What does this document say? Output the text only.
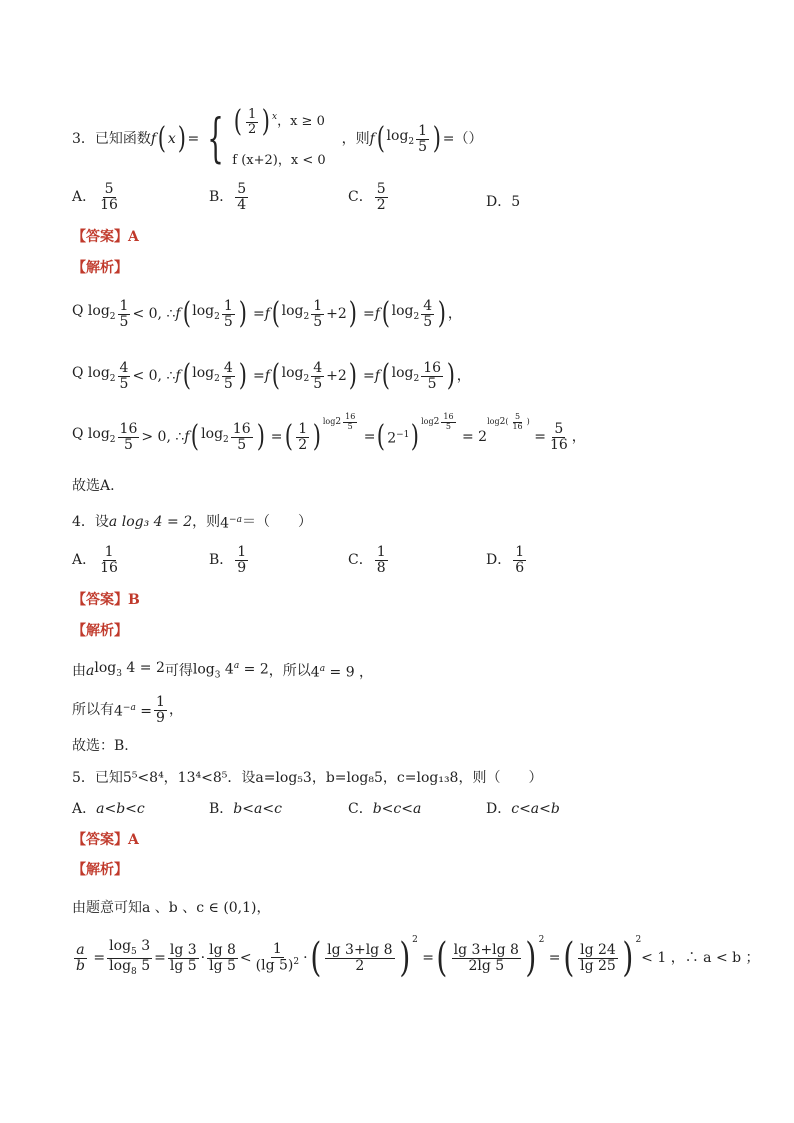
3．已知函数 f ( x ) = { ( $\frac{1}{2} )^x$ ，x ≥ 0
f (x+2)，x < 0
，则 f ( $\log_2 \frac{1}{5}$ ) = （）
A． $\frac{5}{16}$	B． $\frac{5}{4}$	C． $\frac{5}{2}$	D． 5
【答案】A
【解析】
Q $\log_2 \frac{1}{5} < 0$, ∴ f ( $\log_2 \frac{1}{5}$ ) = f ( $\log_2 \frac{1}{5} +2$ ) = f ( $\log_2 \frac{4}{5}$ ) ，
Q $\log_2 \frac{4}{5} < 0$, ∴ f ( $\log_2 \frac{4}{5}$ ) = f ( $\log_2 \frac{4}{5} +2$ ) = f ( $\log_2 \frac{16}{5}$ ) ，
Q $\log_2 \frac{16}{5} > 0$, ∴ f ( $\log_2 \frac{16}{5}$ ) = ( $\frac{1}{2}$ ) $\log 2 \frac{16}{5}$
= ( $2^{-1}$ ) $\log 2 \frac{16}{5}$
= 2
log 2 ( $\frac{5}{16}$ )
= $\frac{5}{16}$ ，
故选A.
4．设 a log₃ 4 = 2 ，则 $4^{-a}$ ＝（　　）
A． $\frac{1}{16}$	B． $\frac{1}{9}$	C． $\frac{1}{8}$	D． $\frac{1}{6}$
【答案】B
【解析】
由 a $\log_3 4 = 2$ 可得 $\log_3 4^a = 2$ ，所以 $4^a = 9$ ，
所以有 $4^{-a} = \frac{1}{9}$ ，
故选：B.
5．已知5⁵<8⁴，13⁴<8⁵．设a=log₅3，b=log₈5，c=log₁₃8，则（　　）
A． a<b<c	B． b<a<c	C． b<c<a	D． c<a<b
【答案】A
【解析】
由题意可知a 、b 、c ∈ (0,1)，
$\frac{a}{b} = \frac{\log_5 3}{\log_8 5} = \frac{\lg 3}{\lg 5} \cdot \frac{\lg 8}{\lg 5} < \frac{1}{(\lg 5)^2}$ · ( $\frac{\lg 3+\lg 8}{2}$ ) $^2$
= ( $\frac{\lg 3+\lg 8}{2\lg 5}$ ) $^2$
= ( $\frac{\lg 24}{\lg 25}$ ) $^2$
< 1 ，∴ a < b ；
